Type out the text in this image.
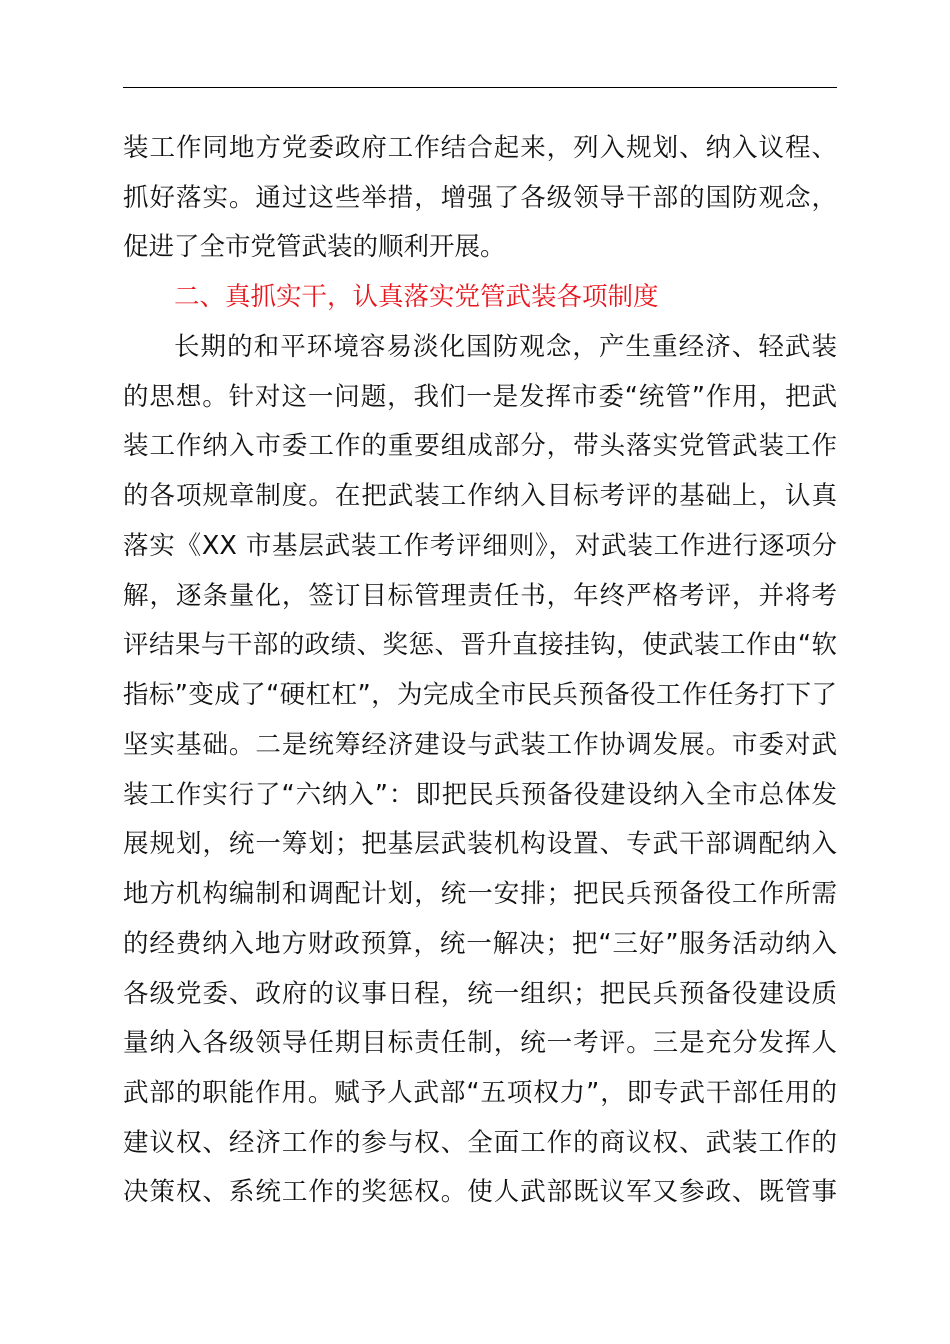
装工作同地方党委政府工作结合起来，列入规划、纳入议程、
抓好落实。通过这些举措，增强了各级领导干部的国防观念，
促进了全市党管武装的顺利开展。
二、真抓实干，认真落实党管武装各项制度
长期的和平环境容易淡化国防观念，产生重经济、轻武装
的思想。针对这一问题，我们一是发挥市委“统管”作用，把武
装工作纳入市委工作的重要组成部分，带头落实党管武装工作
的各项规章制度。在把武装工作纳入目标考评的基础上，认真
落实《XX 市基层武装工作考评细则》，对武装工作进行逐项分
解，逐条量化，签订目标管理责任书，年终严格考评，并将考
评结果与干部的政绩、奖惩、晋升直接挂钩，使武装工作由“软
指标”变成了“硬杠杠”，为完成全市民兵预备役工作任务打下了
坚实基础。二是统筹经济建设与武装工作协调发展。市委对武
装工作实行了“六纳入”：即把民兵预备役建设纳入全市总体发
展规划，统一筹划；把基层武装机构设置、专武干部调配纳入
地方机构编制和调配计划，统一安排；把民兵预备役工作所需
的经费纳入地方财政预算，统一解决；把“三好”服务活动纳入
各级党委、政府的议事日程，统一组织；把民兵预备役建设质
量纳入各级领导任期目标责任制，统一考评。三是充分发挥人
武部的职能作用。赋予人武部“五项权力”，即专武干部任用的
建议权、经济工作的参与权、全面工作的商议权、武装工作的
决策权、系统工作的奖惩权。使人武部既议军又参政、既管事
